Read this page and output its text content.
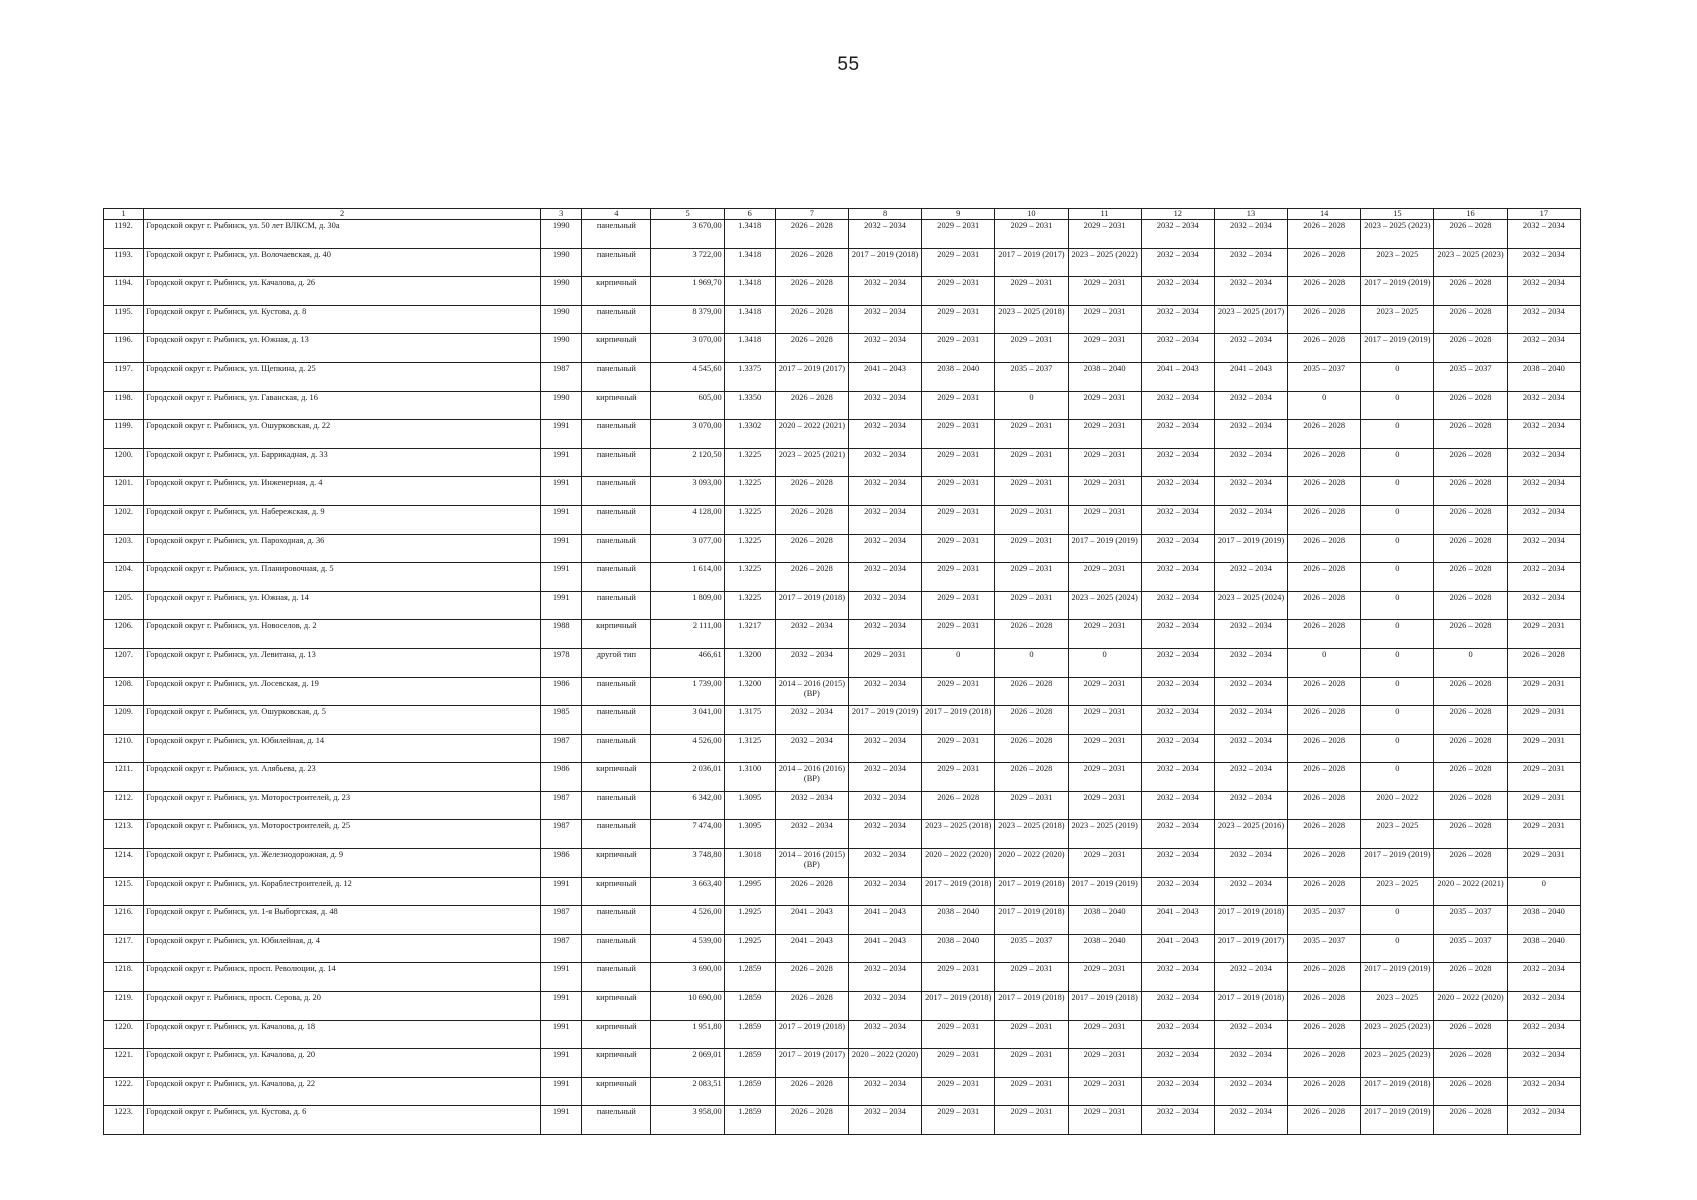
55
1	2	3	4	5	6	7	8	9	10	11	12	13	14	15	16	17
1192.	Городской округ г. Рыбинск, ул. 50 лет ВЛКСМ, д. 30а	1990	панельный	3 670,00	1.3418	2026 – 2028	2032 – 2034	2029 – 2031	2029 – 2031	2029 – 2031	2032 – 2034	2032 – 2034	2026 – 2028	2023 – 2025 (2023)	2026 – 2028	2032 – 2034
1193.	Городской округ г. Рыбинск, ул. Волочаевская, д. 40	1990	панельный	3 722,00	1.3418	2026 – 2028	2017 – 2019 (2018)	2029 – 2031	2017 – 2019 (2017)	2023 – 2025 (2022)	2032 – 2034	2032 – 2034	2026 – 2028	2023 – 2025	2023 – 2025 (2023)	2032 – 2034
1194.	Городской округ г. Рыбинск, ул. Качалова, д. 26	1990	кирпичный	1 969,70	1.3418	2026 – 2028	2032 – 2034	2029 – 2031	2029 – 2031	2029 – 2031	2032 – 2034	2032 – 2034	2026 – 2028	2017 – 2019 (2019)	2026 – 2028	2032 – 2034
1195.	Городской округ г. Рыбинск, ул. Кустова, д. 8	1990	панельный	8 379,00	1.3418	2026 – 2028	2032 – 2034	2029 – 2031	2023 – 2025 (2018)	2029 – 2031	2032 – 2034	2023 – 2025 (2017)	2026 – 2028	2023 – 2025	2026 – 2028	2032 – 2034
1196.	Городской округ г. Рыбинск, ул. Южная, д. 13	1990	кирпичный	3 070,00	1.3418	2026 – 2028	2032 – 2034	2029 – 2031	2029 – 2031	2029 – 2031	2032 – 2034	2032 – 2034	2026 – 2028	2017 – 2019 (2019)	2026 – 2028	2032 – 2034
1197.	Городской округ г. Рыбинск, ул. Щепкина, д. 25	1987	панельный	4 545,60	1.3375	2017 – 2019 (2017)	2041 – 2043	2038 – 2040	2035 – 2037	2038 – 2040	2041 – 2043	2041 – 2043	2035 – 2037	0	2035 – 2037	2038 – 2040
1198.	Городской округ г. Рыбинск, ул. Гаванская, д. 16	1990	кирпичный	605,00	1.3350	2026 – 2028	2032 – 2034	2029 – 2031	0	2029 – 2031	2032 – 2034	2032 – 2034	0	0	2026 – 2028	2032 – 2034
1199.	Городской округ г. Рыбинск, ул. Ошурковская, д. 22	1991	панельный	3 070,00	1.3302	2020 – 2022 (2021)	2032 – 2034	2029 – 2031	2029 – 2031	2029 – 2031	2032 – 2034	2032 – 2034	2026 – 2028	0	2026 – 2028	2032 – 2034
1200.	Городской округ г. Рыбинск, ул. Баррикадная, д. 33	1991	панельный	2 120,50	1.3225	2023 – 2025 (2021)	2032 – 2034	2029 – 2031	2029 – 2031	2029 – 2031	2032 – 2034	2032 – 2034	2026 – 2028	0	2026 – 2028	2032 – 2034
1201.	Городской округ г. Рыбинск, ул. Инженерная, д. 4	1991	панельный	3 093,00	1.3225	2026 – 2028	2032 – 2034	2029 – 2031	2029 – 2031	2029 – 2031	2032 – 2034	2032 – 2034	2026 – 2028	0	2026 – 2028	2032 – 2034
1202.	Городской округ г. Рыбинск, ул. Набережская, д. 9	1991	панельный	4 128,00	1.3225	2026 – 2028	2032 – 2034	2029 – 2031	2029 – 2031	2029 – 2031	2032 – 2034	2032 – 2034	2026 – 2028	0	2026 – 2028	2032 – 2034
1203.	Городской округ г. Рыбинск, ул. Пароходная, д. 36	1991	панельный	3 077,00	1.3225	2026 – 2028	2032 – 2034	2029 – 2031	2029 – 2031	2017 – 2019 (2019)	2032 – 2034	2017 – 2019 (2019)	2026 – 2028	0	2026 – 2028	2032 – 2034
1204.	Городской округ г. Рыбинск, ул. Планировочная, д. 5	1991	панельный	1 614,00	1.3225	2026 – 2028	2032 – 2034	2029 – 2031	2029 – 2031	2029 – 2031	2032 – 2034	2032 – 2034	2026 – 2028	0	2026 – 2028	2032 – 2034
1205.	Городской округ г. Рыбинск, ул. Южная, д. 14	1991	панельный	1 809,00	1.3225	2017 – 2019 (2018)	2032 – 2034	2029 – 2031	2029 – 2031	2023 – 2025 (2024)	2032 – 2034	2023 – 2025 (2024)	2026 – 2028	0	2026 – 2028	2032 – 2034
1206.	Городской округ г. Рыбинск, ул. Новоселов, д. 2	1988	кирпичный	2 111,00	1.3217	2032 – 2034	2032 – 2034	2029 – 2031	2026 – 2028	2029 – 2031	2032 – 2034	2032 – 2034	2026 – 2028	0	2026 – 2028	2029 – 2031
1207.	Городской округ г. Рыбинск, ул. Левитана, д. 13	1978	другой тип	466,61	1.3200	2032 – 2034	2029 – 2031	0	0	0	2032 – 2034	2032 – 2034	0	0	0	2026 – 2028
1208.	Городской округ г. Рыбинск, ул. Лосевская, д. 19	1986	панельный	1 739,00	1.3200	2014 – 2016 (2015) (ВР)	2032 – 2034	2029 – 2031	2026 – 2028	2029 – 2031	2032 – 2034	2032 – 2034	2026 – 2028	0	2026 – 2028	2029 – 2031
1209.	Городской округ г. Рыбинск, ул. Ошурковская, д. 5	1985	панельный	3 041,00	1.3175	2032 – 2034	2017 – 2019 (2019)	2017 – 2019 (2018)	2026 – 2028	2029 – 2031	2032 – 2034	2032 – 2034	2026 – 2028	0	2026 – 2028	2029 – 2031
1210.	Городской округ г. Рыбинск, ул. Юбилейная, д. 14	1987	панельный	4 526,00	1.3125	2032 – 2034	2032 – 2034	2029 – 2031	2026 – 2028	2029 – 2031	2032 – 2034	2032 – 2034	2026 – 2028	0	2026 – 2028	2029 – 2031
1211.	Городской округ г. Рыбинск, ул. Алябьева, д. 23	1986	кирпичный	2 036,01	1.3100	2014 – 2016 (2016) (ВР)	2032 – 2034	2029 – 2031	2026 – 2028	2029 – 2031	2032 – 2034	2032 – 2034	2026 – 2028	0	2026 – 2028	2029 – 2031
1212.	Городской округ г. Рыбинск, ул. Моторостроителей, д. 23	1987	панельный	6 342,00	1.3095	2032 – 2034	2032 – 2034	2026 – 2028	2029 – 2031	2029 – 2031	2032 – 2034	2032 – 2034	2026 – 2028	2020 – 2022	2026 – 2028	2029 – 2031
1213.	Городской округ г. Рыбинск, ул. Моторостроителей, д. 25	1987	панельный	7 474,00	1.3095	2032 – 2034	2032 – 2034	2023 – 2025 (2018)	2023 – 2025 (2018)	2023 – 2025 (2019)	2032 – 2034	2023 – 2025 (2016)	2026 – 2028	2023 – 2025	2026 – 2028	2029 – 2031
1214.	Городской округ г. Рыбинск, ул. Железнодорожная, д. 9	1986	кирпичный	3 748,80	1.3018	2014 – 2016 (2015) (ВР)	2032 – 2034	2020 – 2022 (2020)	2020 – 2022 (2020)	2029 – 2031	2032 – 2034	2032 – 2034	2026 – 2028	2017 – 2019 (2019)	2026 – 2028	2029 – 2031
1215.	Городской округ г. Рыбинск, ул. Кораблестроителей, д. 12	1991	кирпичный	3 663,40	1.2995	2026 – 2028	2032 – 2034	2017 – 2019 (2018)	2017 – 2019 (2018)	2017 – 2019 (2019)	2032 – 2034	2032 – 2034	2026 – 2028	2023 – 2025	2020 – 2022 (2021)	0
1216.	Городской округ г. Рыбинск, ул. 1-я Выборгская, д. 48	1987	панельный	4 526,00	1.2925	2041 – 2043	2041 – 2043	2038 – 2040	2017 – 2019 (2018)	2038 – 2040	2041 – 2043	2017 – 2019 (2018)	2035 – 2037	0	2035 – 2037	2038 – 2040
1217.	Городской округ г. Рыбинск, ул. Юбилейная, д. 4	1987	панельный	4 539,00	1.2925	2041 – 2043	2041 – 2043	2038 – 2040	2035 – 2037	2038 – 2040	2041 – 2043	2017 – 2019 (2017)	2035 – 2037	0	2035 – 2037	2038 – 2040
1218.	Городской округ г. Рыбинск, просп. Революции, д. 14	1991	панельный	3 690,00	1.2859	2026 – 2028	2032 – 2034	2029 – 2031	2029 – 2031	2029 – 2031	2032 – 2034	2032 – 2034	2026 – 2028	2017 – 2019 (2019)	2026 – 2028	2032 – 2034
1219.	Городской округ г. Рыбинск, просп. Серова, д. 20	1991	кирпичный	10 690,00	1.2859	2026 – 2028	2032 – 2034	2017 – 2019 (2018)	2017 – 2019 (2018)	2017 – 2019 (2018)	2032 – 2034	2017 – 2019 (2018)	2026 – 2028	2023 – 2025	2020 – 2022 (2020)	2032 – 2034
1220.	Городской округ г. Рыбинск, ул. Качалова, д. 18	1991	кирпичный	1 951,80	1.2859	2017 – 2019 (2018)	2032 – 2034	2029 – 2031	2029 – 2031	2029 – 2031	2032 – 2034	2032 – 2034	2026 – 2028	2023 – 2025 (2023)	2026 – 2028	2032 – 2034
1221.	Городской округ г. Рыбинск, ул. Качалова, д. 20	1991	кирпичный	2 069,01	1.2859	2017 – 2019 (2017)	2020 – 2022 (2020)	2029 – 2031	2029 – 2031	2029 – 2031	2032 – 2034	2032 – 2034	2026 – 2028	2023 – 2025 (2023)	2026 – 2028	2032 – 2034
1222.	Городской округ г. Рыбинск, ул. Качалова, д. 22	1991	кирпичный	2 083,51	1.2859	2026 – 2028	2032 – 2034	2029 – 2031	2029 – 2031	2029 – 2031	2032 – 2034	2032 – 2034	2026 – 2028	2017 – 2019 (2018)	2026 – 2028	2032 – 2034
1223.	Городской округ г. Рыбинск, ул. Кустова, д. 6	1991	панельный	3 958,00	1.2859	2026 – 2028	2032 – 2034	2029 – 2031	2029 – 2031	2029 – 2031	2032 – 2034	2032 – 2034	2026 – 2028	2017 – 2019 (2019)	2026 – 2028	2032 – 2034
